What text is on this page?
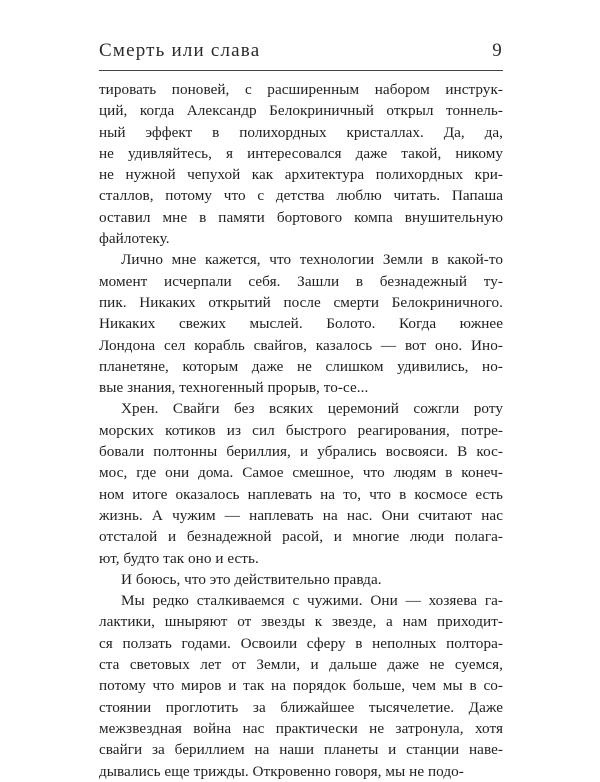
Смерть или слава	9
тировать поновей, с расширенным набором инструк-
ций, когда Александр Белокриничный открыл тоннель-
ный эффект в полихордных кристаллах. Да, да,
не удивляйтесь, я интересовался даже такой, никому
не нужной чепухой как архитектура полихордных кри-
сталлов, потому что с детства люблю читать. Папаша
оставил мне в памяти бортового компа внушительную
файлотеку.
Лично мне кажется, что технологии Земли в какой-то
момент исчерпали себя. Зашли в безнадежный ту-
пик. Никаких открытий после смерти Белокриничного.
Никаких свежих мыслей. Болото. Когда южнее
Лондона сел корабль свайгов, казалось — вот оно. Ино-
планетяне, которым даже не слишком удивились, но-
вые знания, техногенный прорыв, то-се...
Хрен. Свайги без всяких церемоний сожгли роту
морских котиков из сил быстрого реагирования, потре-
бовали полтонны бериллия, и убрались восвояси. В кос-
мос, где они дома. Самое смешное, что людям в конеч-
ном итоге оказалось наплевать на то, что в космосе есть
жизнь. А чужим — наплевать на нас. Они считают нас
отсталой и безнадежной расой, и многие люди полага-
ют, будто так оно и есть.
И боюсь, что это действительно правда.
Мы редко сталкиваемся с чужими. Они — хозяева га-
лактики, шныряют от звезды к звезде, а нам приходит-
ся ползать годами. Освоили сферу в неполных полтора-
ста световых лет от Земли, и дальше даже не суемся,
потому что миров и так на порядок больше, чем мы в со-
стоянии проглотить за ближайшее тысячелетие. Даже
межзвездная война нас практически не затронула, хотя
свайги за бериллием на наши планеты и станции наве-
дывались еще трижды. Откровенно говоря, мы не подо-
